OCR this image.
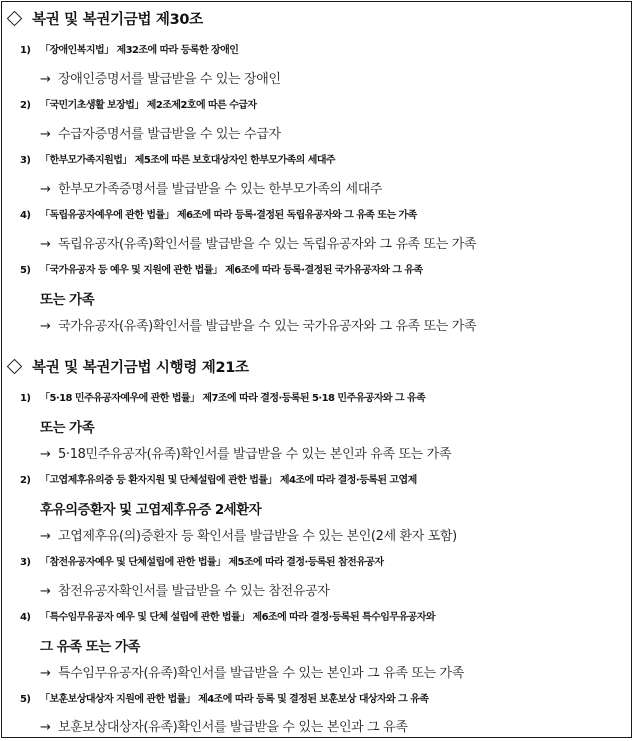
복권 및 복권기금법 제30조
1) 「장애인복지법」 제32조에 따라 등록한 장애인
→ 장애인증명서를 발급받을 수 있는 장애인
2) 「국민기초생활 보장법」 제2조제2호에 따른 수급자
→ 수급자증명서를 발급받을 수 있는 수급자
3) 「한부모가족지원법」 제5조에 따른 보호대상자인 한부모가족의 세대주
→ 한부모가족증명서를 발급받을 수 있는 한부모가족의 세대주
4) 「독립유공자예우에 관한 법률」 제6조에 따라 등록·결정된 독립유공자와 그 유족 또는 가족
→ 독립유공자(유족)확인서를 발급받을 수 있는 독립유공자와 그 유족 또는 가족
5) 「국가유공자 등 예우 및 지원에 관한 법률」 제6조에 따라 등록·결정된 국가유공자와 그 유족
또는 가족
→ 국가유공자(유족)확인서를 발급받을 수 있는 국가유공자와 그 유족 또는 가족
복권 및 복권기금법 시행령 제21조
1) 「5·18 민주유공자예우에 관한 법률」 제7조에 따라 결정·등록된 5·18 민주유공자와 그 유족
또는 가족
→ 5·18민주유공자(유족)확인서를 발급받을 수 있는 본인과 유족 또는 가족
2) 「고엽제후유의증 등 환자지원 및 단체설립에 관한 법률」 제4조에 따라 결정·등록된 고엽제
후유의증환자 및 고엽제후유증 2세환자
→ 고엽제후유(의)증환자 등 확인서를 발급받을 수 있는 본인(2세 환자 포함)
3) 「참전유공자예우 및 단체설립에 관한 법률」 제5조에 따라 결정·등록된 참전유공자
→ 참전유공자확인서를 발급받을 수 있는 참전유공자
4) 「특수임무유공자 예우 및 단체 설립에 관한 법률」 제6조에 따라 결정·등록된 특수임무유공자와
그 유족 또는 가족
→ 특수임무유공자(유족)확인서를 발급받을 수 있는 본인과 그 유족 또는 가족
5) 「보훈보상대상자 지원에 관한 법률」 제4조에 따라 등록 및 결정된 보훈보상 대상자와 그 유족
→ 보훈보상대상자(유족)확인서를 발급받을 수 있는 본인과 그 유족
